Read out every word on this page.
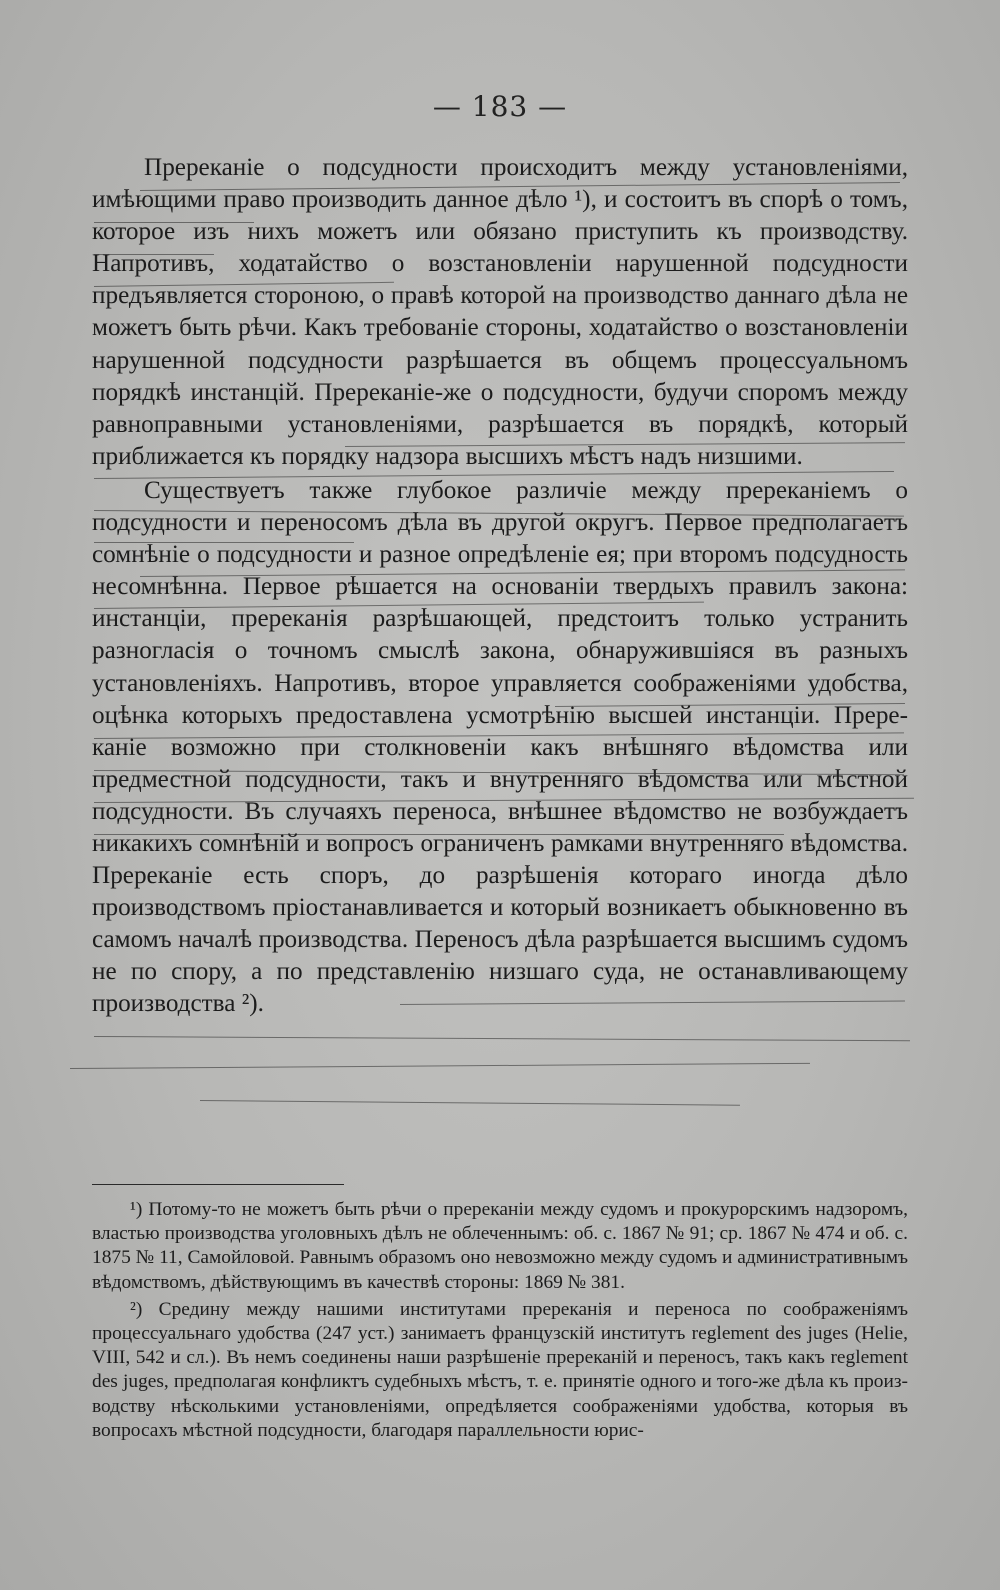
— 183 —

Пререканіе о подсудности происходитъ между установленіями, имѣющими право производить данное дѣло ¹), и состоитъ въ спорѣ о томъ, которое изъ нихъ можетъ или обязано приступить къ производству. Напротивъ, ходатайство о возстановленіи нарушенной подсудности предъявляется стороною, о правѣ которой на производство даннаго дѣла не можетъ быть рѣчи. Какъ требованіе стороны, ходатайство о возстановленіи нарушенной подсудности разрѣшается въ общемъ процессуальномъ порядкѣ инстанцій. Пререканіе-же о подсудности, будучи споромъ между равноправными установленіями, разрѣшается въ порядкѣ, который приближается къ порядку надзора высшихъ мѣстъ надъ низшими.

Существуетъ также глубокое различіе между пререканіемъ о подсудности и переносомъ дѣла въ другой округъ. Первое предполагаетъ сомнѣніе о подсудности и разное опредѣленіе ея; при второмъ подсудность несомнѣнна. Первое рѣшается на основаніи твердыхъ правилъ закона: инстанціи, пререканія разрѣшающей, предстоитъ только устранить разногласія о точномъ смыслѣ закона, обнаружившіяся въ разныхъ установленіяхъ. Напротивъ, второе управляется соображеніями удобства, оцѣнка которыхъ предоставлена усмотрѣнію высшей инстанціи. Пререканіе возможно при столкновеніи какъ внѣшняго вѣдомства или предместной подсудности, такъ и внутренняго вѣдомства или мѣстной подсудности. Въ случаяхъ переноса, внѣшнее вѣдомство не возбуждаетъ никакихъ сомнѣній и вопросъ ограниченъ рамками внутренняго вѣдомства. Пререканіе есть споръ, до разрѣшенія котораго иногда дѣло производствомъ пріостанавливается и который возникаетъ обыкновенно въ самомъ началѣ производства. Переносъ дѣла разрѣшается высшимъ судомъ не по спору, а по представленію низшаго суда, не останавливающему производства ²).

¹) Потому-то не можетъ быть рѣчи о пререканіи между судомъ и прокурорскимъ надзоромъ, властью производства уголовныхъ дѣлъ не облеченнымъ: об. с. 1867 № 91; ср. 1867 № 474 и об. с. 1875 № 11, Самойловой. Равнымъ образомъ оно невозможно между судомъ и административнымъ вѣдомствомъ, дѣйствующимъ въ качествѣ стороны: 1869 № 381.

²) Средину между нашими институтами пререканія и переноса по соображеніямъ процессуальнаго удобства (247 уст.) занимаетъ французскій институтъ reglement des juges (Helie, VIII, 542 и сл.). Въ немъ соединены наши разрѣшеніе пререканій и переносъ, такъ какъ reglement des juges, предполагая конфликтъ судебныхъ мѣстъ, т. е. принятіе одного и того-же дѣла къ производству нѣсколькими установленіями, опредѣляется соображеніями удобства, которыя въ вопросахъ мѣстной подсудности, благодаря параллельности юрис-
